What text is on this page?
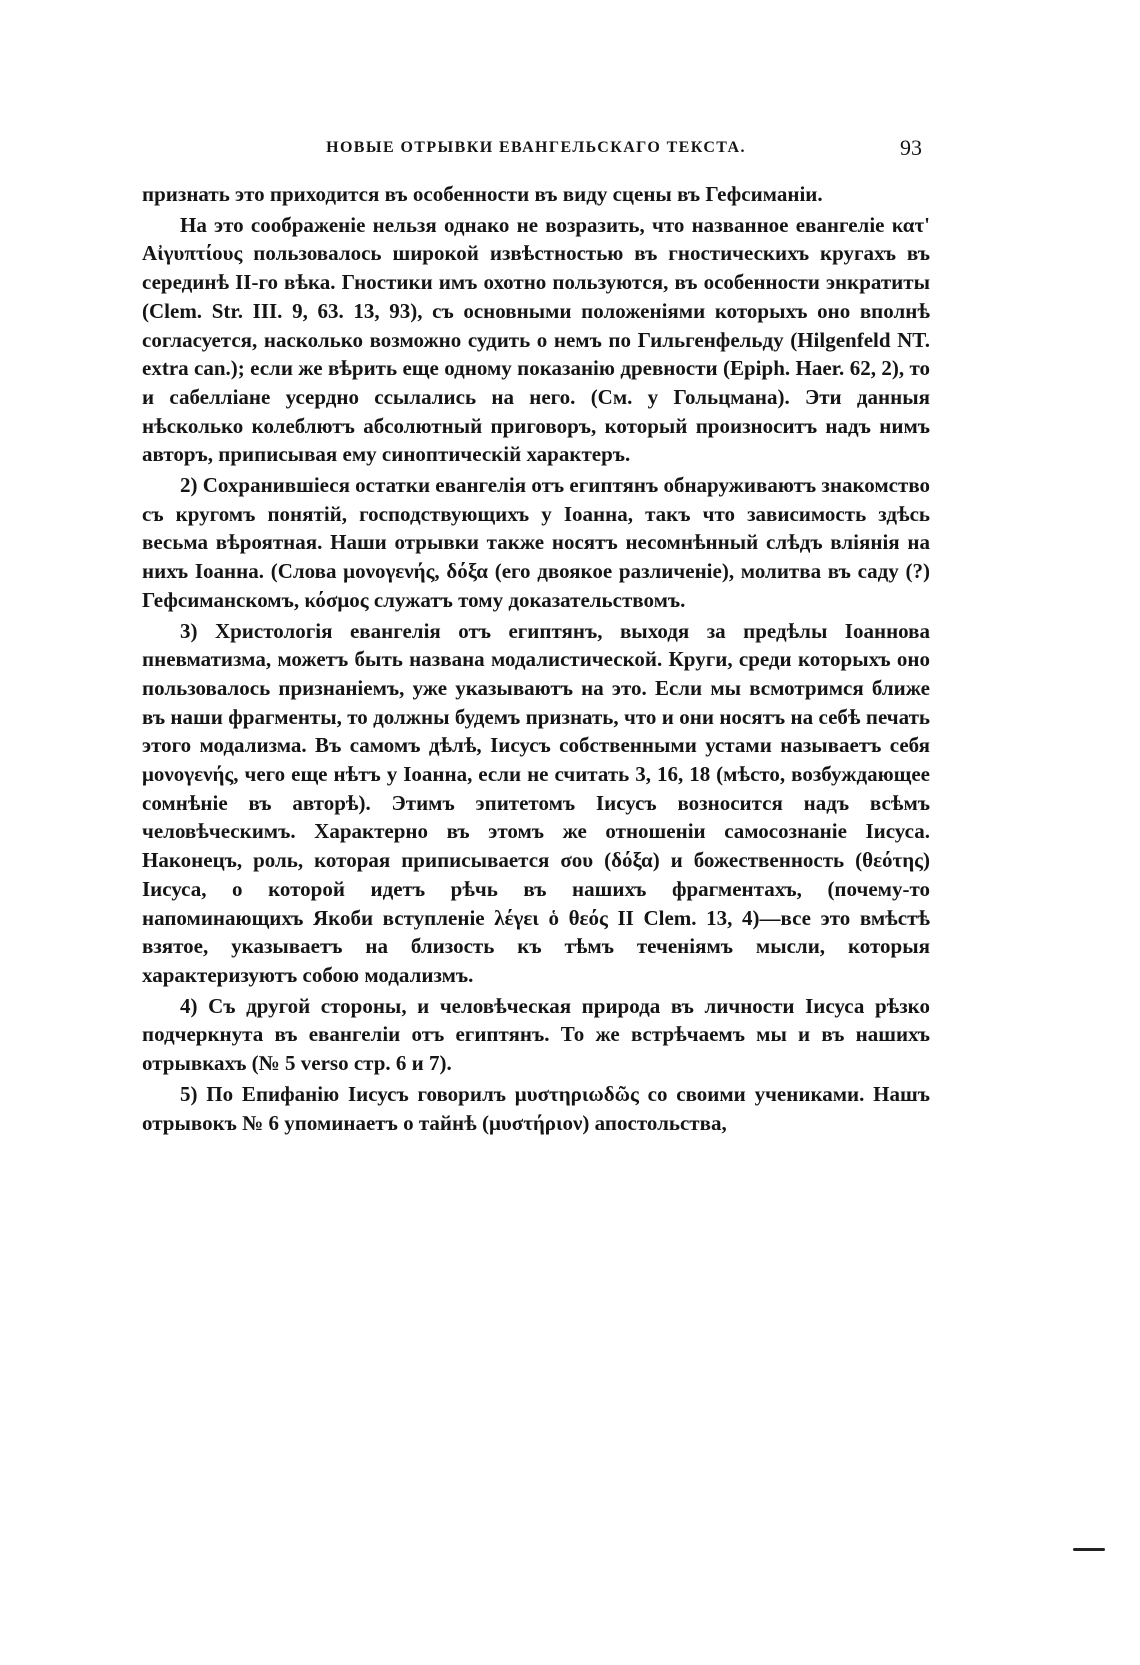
НОВЫЕ ОТРЫВКИ ЕВАНГЕЛЬСКАГО ТЕКСТА.	93

признать это приходится въ особенности въ виду сцены въ Гефсиманіи.

На это соображеніе нельзя однако не возразить, что названное евангеліе κατ' Αἰγυπτίους пользовалось широкой извѣстностью въ гностическихъ кругахъ въ серединѣ II-го вѣка. Гностики имъ охотно пользуются, въ особенности энкратиты (Clem. Str. III. 9, 63. 13, 93), съ основными положеніями которыхъ оно вполнѣ согласуется, насколько возможно судить о немъ по Гильгенфельду (Hilgenfeld NT. extra can.); если же вѣрить еще одному показанію древности (Epiph. Haer. 62, 2), то и сабелліане усердно ссылались на него. (См. у Гольцмана). Эти данныя нѣсколько колеблютъ абсолютный приговоръ, который произноситъ надъ нимъ авторъ, приписывая ему синоптическій характеръ.

2) Сохранившіеся остатки евангелія отъ египтянъ обнаруживаютъ знакомство съ кругомъ понятій, господствующихъ у Іоанна, такъ что зависимость здѣсь весьма вѣроятная. Наши отрывки также носятъ несомнѣнный слѣдъ вліянія на нихъ Іоанна. (Слова μονογενής, δόξα (его двоякое различеніе), молитва въ саду (?) Гефсиманскомъ, κόσμος служатъ тому доказательствомъ.

3) Христологія евангелія отъ египтянъ, выходя за предѣлы Іоаннова пневматизма, можетъ быть названа модалистической. Круги, среди которыхъ оно пользовалось признаніемъ, уже указываютъ на это. Если мы всмотримся ближе въ наши фрагменты, то должны будемъ признать, что и они носятъ на себѣ печать этого модализма. Въ самомъ дѣлѣ, Іисусъ собственными устами называетъ себя μονογενής, чего еще нѣтъ у Іоанна, если не считать 3, 16, 18 (мѣсто, возбуждающее сомнѣніе въ авторѣ). Этимъ эпитетомъ Іисусъ возносится надъ всѣмъ человѣческимъ. Характерно въ этомъ же отношеніи самосознаніе Іисуса. Наконецъ, роль, которая приписывается σου (δόξα) и божественность (θεότης) Іисуса, о которой идетъ рѣчь въ нашихъ фрагментахъ, (почему-то напоминающихъ Якоби вступленіе λέγει ὁ θεός II Clem. 13, 4)—все это вмѣстѣ взятое, указываетъ на близость къ тѣмъ теченіямъ мысли, которыя характеризуютъ собою модализмъ.

4) Съ другой стороны, и человѣческая природа въ личности Іисуса рѣзко подчеркнута въ евангеліи отъ египтянъ. То же встрѣчаемъ мы и въ нашихъ отрывкахъ (№ 5 verso стр. 6 и 7).

5) По Епифанію Іисусъ говорилъ μυστηριωδῶς со своими учениками. Нашъ отрывокъ № 6 упоминаетъ о тайнѣ (μυστήριον) апостольства,
